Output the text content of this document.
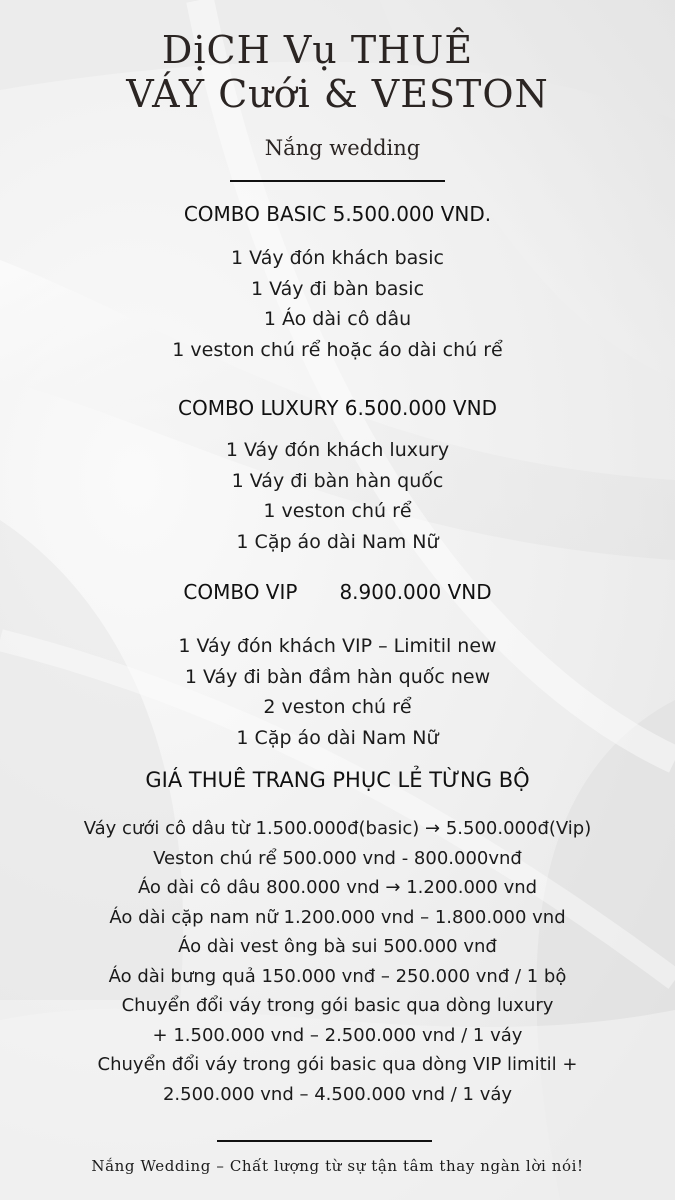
DịCH Vụ THUÊ
VÁY Cưới & VESTON
Nắng wedding
COMBO BASIC 5.500.000 VND.
1 Váy đón khách basic
1 Váy đi bàn basic
1 Áo dài cô dâu
1 veston chú rể hoặc áo dài chú rể
COMBO LUXURY 6.500.000 VND
1 Váy đón khách luxury
1 Váy đi bàn hàn quốc
1 veston chú rể
1 Cặp áo dài Nam Nữ
COMBO VIP 8.900.000 VND
1 Váy đón khách VIP – Limitil new
1 Váy đi bàn đầm hàn quốc new
2 veston chú rể
1 Cặp áo dài Nam Nữ
GIÁ THUÊ TRANG PHỤC LẺ TỪNG BỘ
Váy cưới cô dâu từ 1.500.000đ(basic) → 5.500.000đ(Vip)
Veston chú rể 500.000 vnd - 800.000vnđ
Áo dài cô dâu 800.000 vnd → 1.200.000 vnd
Áo dài cặp nam nữ 1.200.000 vnd – 1.800.000 vnd
Áo dài vest ông bà sui 500.000 vnđ
Áo dài bưng quả 150.000 vnđ – 250.000 vnđ / 1 bộ
Chuyển đổi váy trong gói basic qua dòng luxury
+ 1.500.000 vnd – 2.500.000 vnd / 1 váy
Chuyển đổi váy trong gói basic qua dòng VIP limitil +
2.500.000 vnd – 4.500.000 vnd / 1 váy
Nắng Wedding – Chất lượng từ sự tận tâm thay ngàn lời nói!
